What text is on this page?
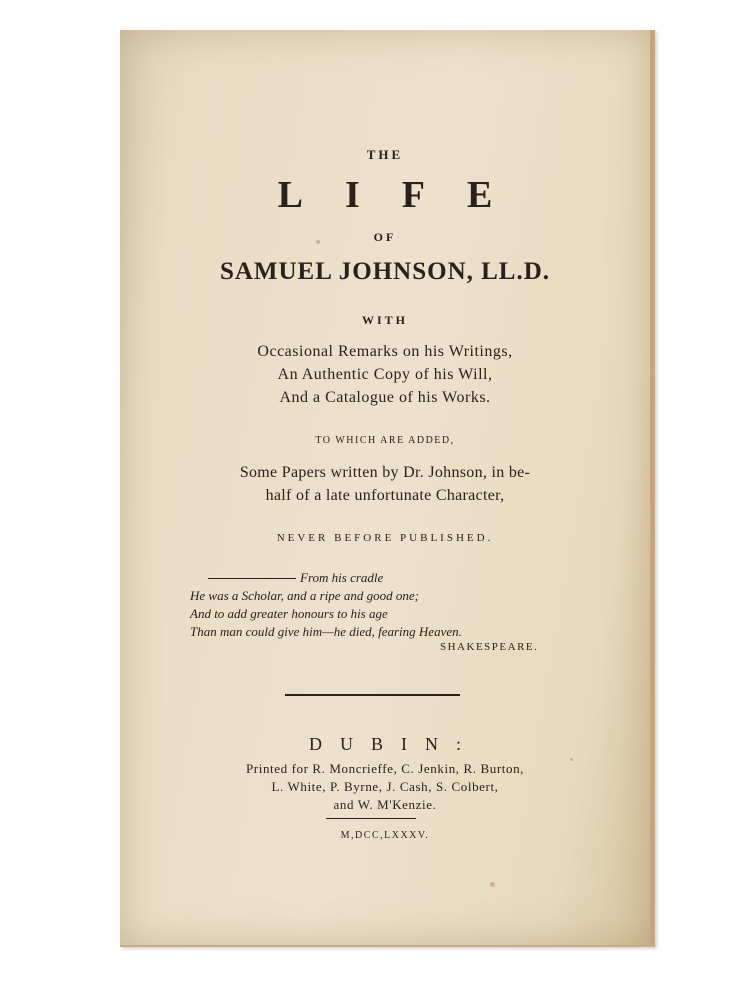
THE
LIFE
OF
SAMUEL JOHNSON, LL.D.
WITH
Occasional Remarks on his Writings,
An Authentic Copy of his Will,
And a Catalogue of his Works.
TO WHICH ARE ADDED,
Some Papers written by Dr. Johnson, in be-
half of a late unfortunate Character,
NEVER BEFORE PUBLISHED.
From his cradle
He was a Scholar, and a ripe and good one;
And to add greater honours to his age
Than man could give him—he died, fearing Heaven.
SHAKESPEARE.
DUBIN:
Printed for R. Moncrieffe, C. Jenkin, R. Burton,
L. White, P. Byrne, J. Cash, S. Colbert,
and W. M'Kenzie.
M,DCC,LXXXV.
